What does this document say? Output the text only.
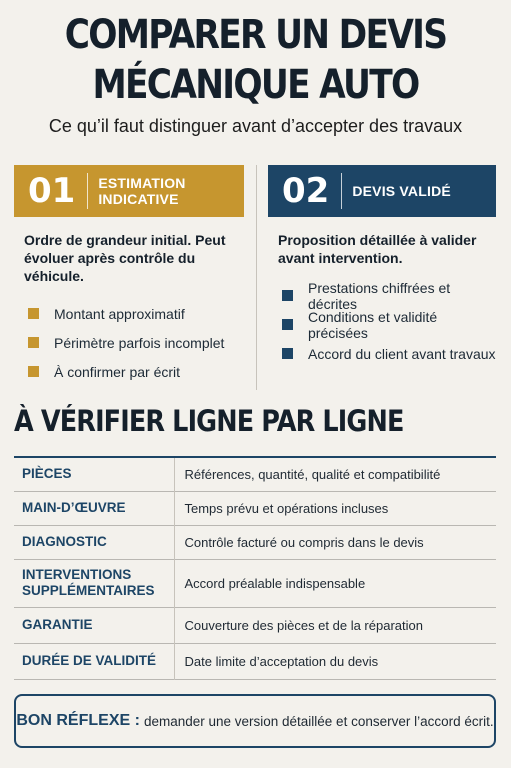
COMPARER UN DEVIS
MÉCANIQUE AUTO
Ce qu’il faut distinguer avant d’accepter des travaux
01	ESTIMATION INDICATIVE
Ordre de grandeur initial. Peut évoluer après contrôle du véhicule.
Montant approximatif
Périmètre parfois incomplet
À confirmer par écrit
02	DEVIS VALIDÉ
Proposition détaillée à valider avant intervention.
Prestations chiffrées et décrites
Conditions et validité précisées
Accord du client avant travaux
À VÉRIFIER LIGNE PAR LIGNE
PIÈCES	Références, quantité, qualité et compatibilité
MAIN-D’ŒUVRE	Temps prévu et opérations incluses
DIAGNOSTIC	Contrôle facturé ou compris dans le devis
INTERVENTIONS SUPPLÉMENTAIRES	Accord préalable indispensable
GARANTIE	Couverture des pièces et de la réparation
DURÉE DE VALIDITÉ	Date limite d’acceptation du devis
BON RÉFLEXE : demander une version détaillée et conserver l’accord écrit.
